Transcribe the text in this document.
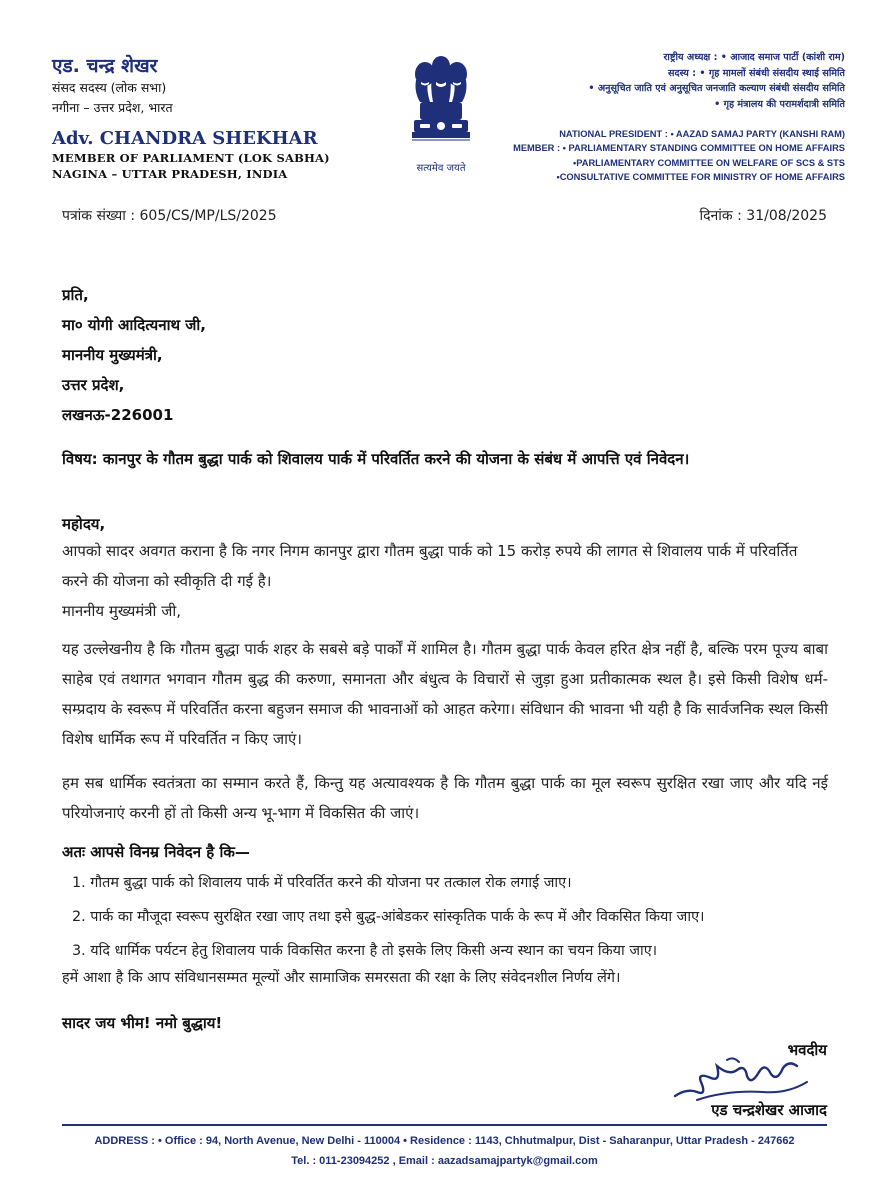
एड. चन्द्र शेखर
संसद सदस्य (लोक सभा)
नगीना – उत्तर प्रदेश, भारत
Adv. CHANDRA SHEKHAR
MEMBER OF PARLIAMENT (LOK SABHA)
NAGINA – UTTAR PRADESH, INDIA	सत्यमेव जयते
राष्ट्रीय अध्यक्ष : • आजाद समाज पार्टी (कांशी राम)
सदस्य : • गृह मामलों संबंधी संसदीय स्थाई समिति
• अनुसूचित जाति एवं अनुसूचित जनजाति कल्याण संबंधी संसदीय समिति
• गृह मंत्रालय की परामर्शदात्री समिति
NATIONAL PRESIDENT : • AAZAD SAMAJ PARTY (KANSHI RAM)
MEMBER : • PARLIAMENTARY STANDING COMMITTEE ON HOME AFFAIRS
•PARLIAMENTARY COMMITTEE ON WELFARE OF SCS & STS
•CONSULTATIVE COMMITTEE FOR MINISTRY OF HOME AFFAIRS
पत्रांक संख्या : 605/CS/MP/LS/2025	दिनांक : 31/08/2025
प्रति,
मा० योगी आदित्यनाथ जी,
माननीय मुख्यमंत्री,
उत्तर प्रदेश,
लखनऊ-226001
विषय: कानपुर के गौतम बुद्धा पार्क को शिवालय पार्क में परिवर्तित करने की योजना के संबंध में आपत्ति एवं निवेदन।
महोदय,
आपको सादर अवगत कराना है कि नगर निगम कानपुर द्वारा गौतम बुद्धा पार्क को 15 करोड़ रुपये की लागत से शिवालय पार्क में परिवर्तित करने की योजना को स्वीकृति दी गई है।
माननीय मुख्यमंत्री जी,
यह उल्लेखनीय है कि गौतम बुद्धा पार्क शहर के सबसे बड़े पार्कों में शामिल है। गौतम बुद्धा पार्क केवल हरित क्षेत्र नहीं है, बल्कि परम पूज्य बाबा साहेब एवं तथागत भगवान गौतम बुद्ध की करुणा, समानता और बंधुत्व के विचारों से जुड़ा हुआ प्रतीकात्मक स्थल है। इसे किसी विशेष धर्म-सम्प्रदाय के स्वरूप में परिवर्तित करना बहुजन समाज की भावनाओं को आहत करेगा। संविधान की भावना भी यही है कि सार्वजनिक स्थल किसी विशेष धार्मिक रूप में परिवर्तित न किए जाएं।
हम सब धार्मिक स्वतंत्रता का सम्मान करते हैं, किन्तु यह अत्यावश्यक है कि गौतम बुद्धा पार्क का मूल स्वरूप सुरक्षित रखा जाए और यदि नई परियोजनाएं करनी हों तो किसी अन्य भू-भाग में विकसित की जाएं।
अतः आपसे विनम्र निवेदन है कि—
1. गौतम बुद्धा पार्क को शिवालय पार्क में परिवर्तित करने की योजना पर तत्काल रोक लगाई जाए।
2. पार्क का मौजूदा स्वरूप सुरक्षित रखा जाए तथा इसे बुद्ध-आंबेडकर सांस्कृतिक पार्क के रूप में और विकसित किया जाए।
3. यदि धार्मिक पर्यटन हेतु शिवालय पार्क विकसित करना है तो इसके लिए किसी अन्य स्थान का चयन किया जाए।
हमें आशा है कि आप संविधानसम्मत मूल्यों और सामाजिक समरसता की रक्षा के लिए संवेदनशील निर्णय लेंगे।
सादर जय भीम! नमो बुद्धाय!
भवदीय
एड चन्द्रशेखर आजाद
ADDRESS : • Office : 94, North Avenue, New Delhi - 110004 • Residence : 1143, Chhutmalpur, Dist - Saharanpur, Uttar Pradesh - 247662
Tel. : 011-23094252 , Email : aazadsamajpartyk@gmail.com
